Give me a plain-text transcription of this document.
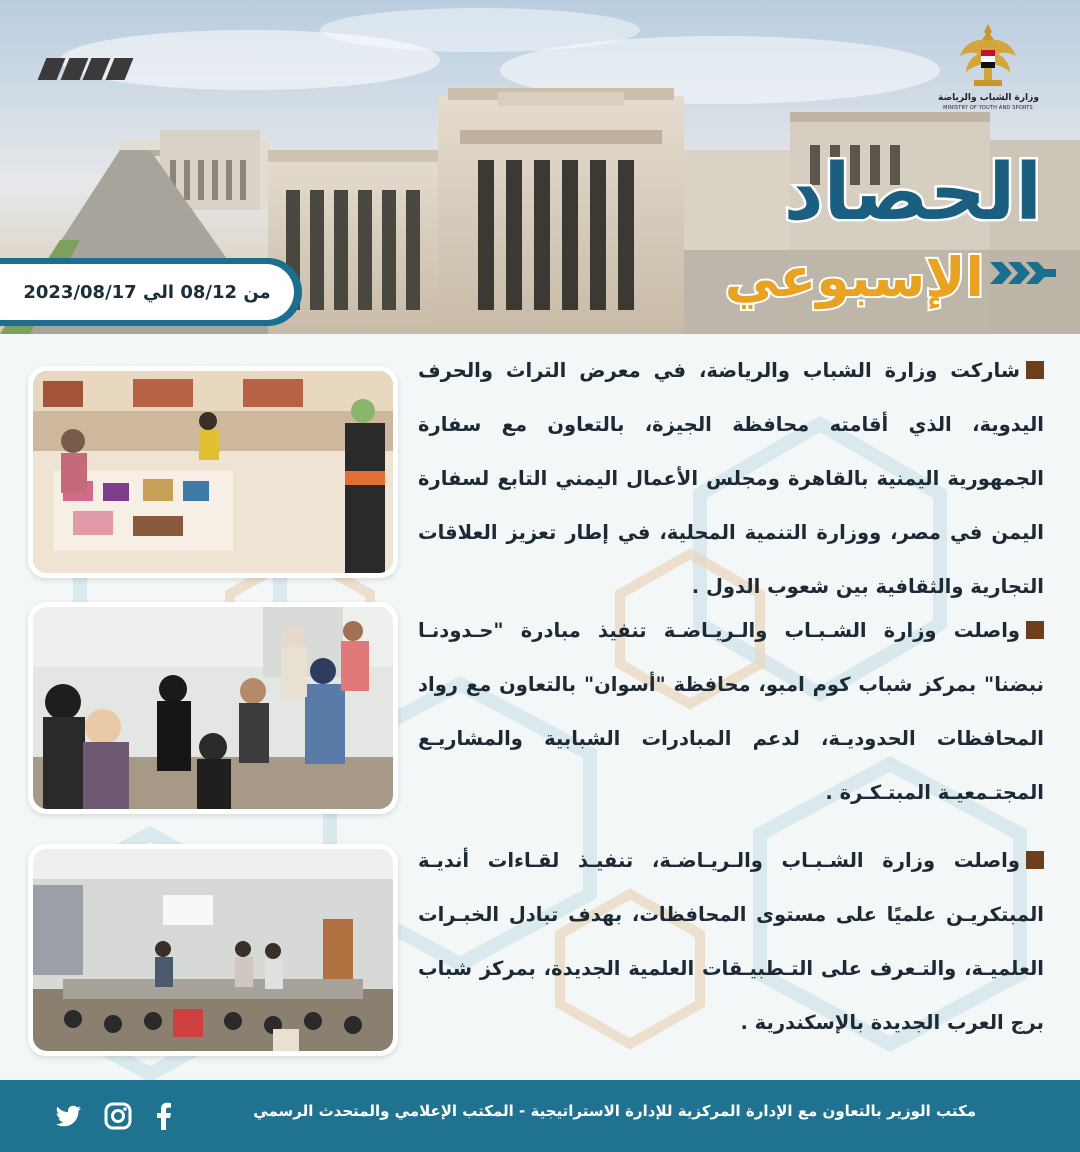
وزارة الشباب والرياضة
MINISTRY OF YOUTH AND SPORTS
الحصاد
الإسبوعي
من 08/12 الي 2023/08/17
شاركت وزارة الشباب والرياضة، في معرض التراث والحرف اليدوية، الذي أقامته محافظة الجيزة، بالتعاون مع سفارة الجمهورية اليمنية بالقاهرة ومجلس الأعمال اليمني التابع لسفارة اليمن في مصر، ووزارة التنمية المحلية، في إطار تعزيز العلاقات التجارية والثقافية بين شعوب الدول .
واصلت وزارة الشـبـاب والـريـاضـة تنفيذ مبادرة "حـدودنـا نبضنا" بمركز شباب كوم امبو، محافظة "أسوان" بالتعاون مع رواد المحافظات الحدوديـة، لدعم المبادرات الشبابية والمشاريـع المجتـمعيـة المبتـكـرة .
واصلت وزارة الشـبـاب والـريـاضـة، تنفيـذ لقـاءات أنديـة المبتكريـن علميًا على مستوى المحافظات، بهدف تبادل الخبـرات العلميـة، والتـعرف على التـطبيـقات العلمية الجديدة، بمركز شباب برج العرب الجديدة بالإسكندرية .
مكتب الوزير بالتعاون مع الإدارة المركزية للإدارة الاستراتيجية - المكتب الإعلامي والمتحدث الرسمي
